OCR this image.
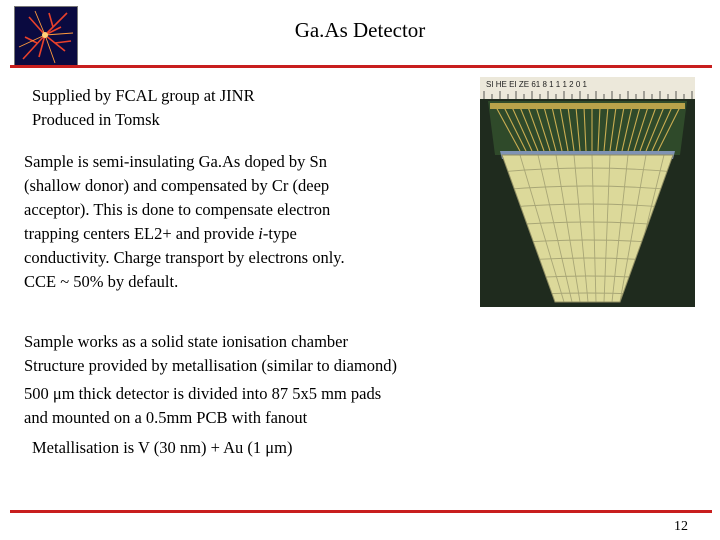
Ga.As Detector
Supplied by FCAL group at JINR
Produced in Tomsk
Sample is semi-insulating Ga.As doped by Sn
(shallow donor) and compensated by Cr (deep
acceptor). This is done to compensate electron
trapping centers EL2+ and provide i-type
conductivity. Charge transport by electrons only.
CCE ~ 50% by default.
SI HE EI ZE 61 8 1 1 1 2 0 1
Sample works as a solid state ionisation chamber
Structure provided by metallisation (similar to diamond)
500 μm thick detector is divided into 87 5x5 mm pads
and mounted on a 0.5mm PCB with fanout
Metallisation is V (30 nm) + Au (1 μm)
12
